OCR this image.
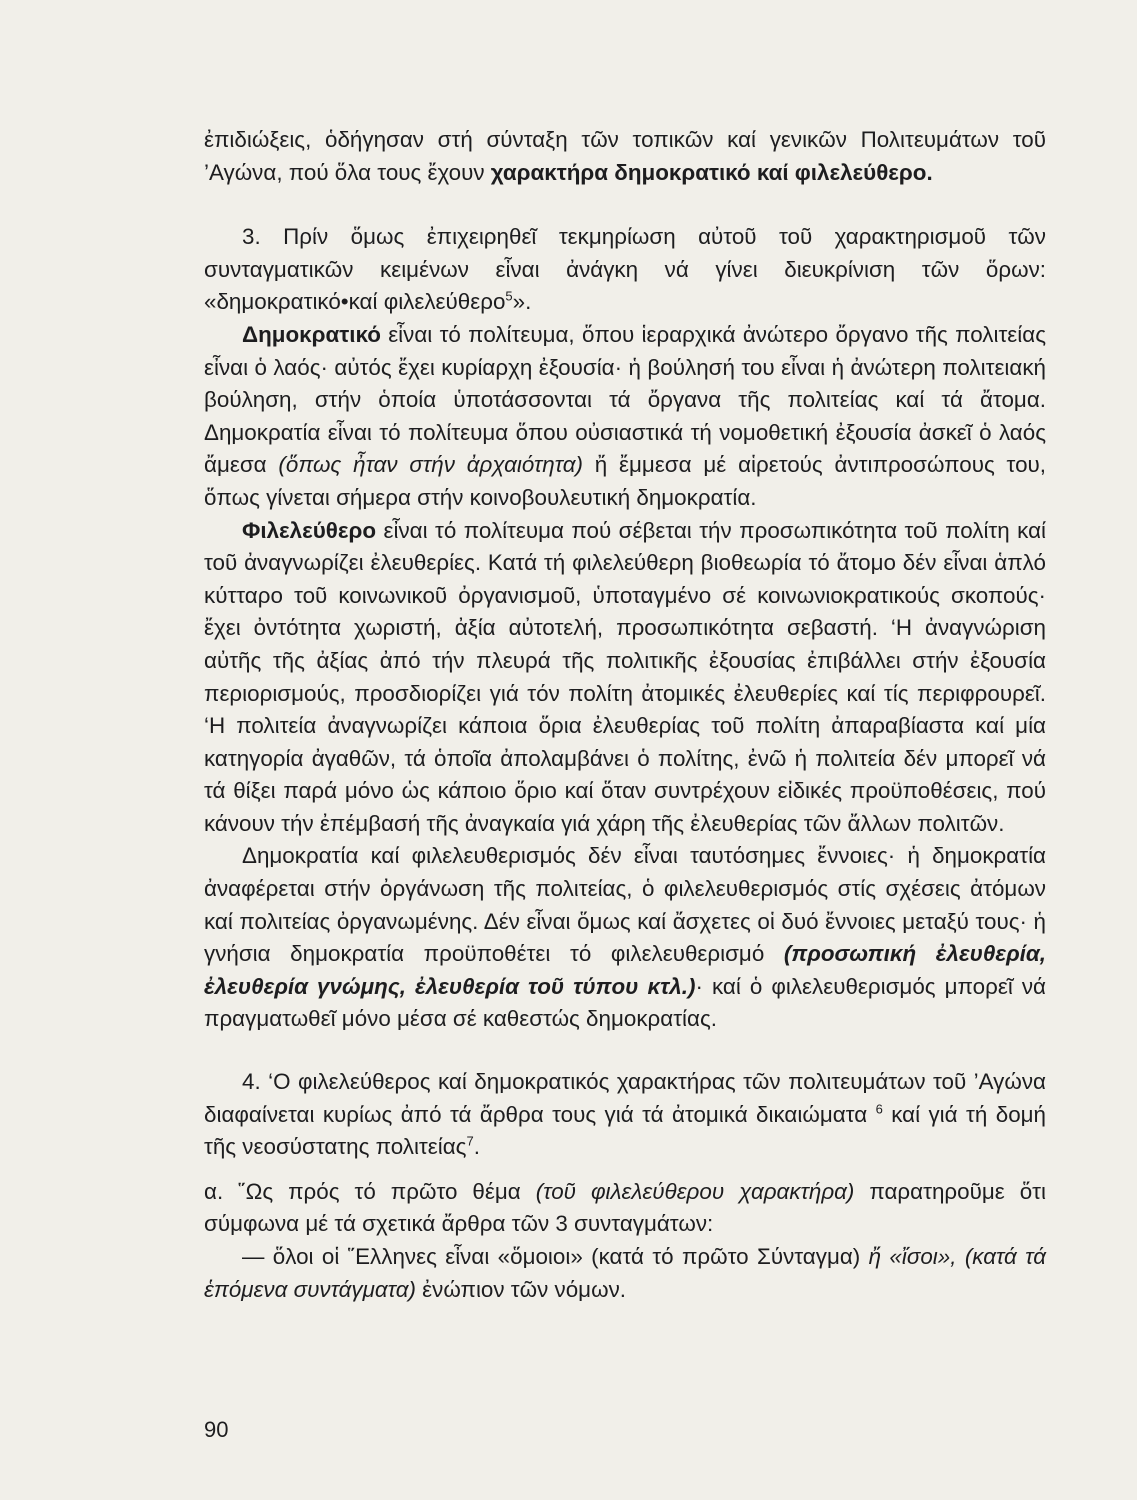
ἐπιδιώξεις, ὁδήγησαν στή σύνταξη τῶν τοπικῶν καί γενικῶν Πολιτευμάτων τοῦ ’Αγώνα, πού ὅλα τους ἔχουν χαρακτήρα δημοκρατικό καί φιλελεύθερο.

3. Πρίν ὅμως ἐπιχειρηθεῖ τεκμηρίωση αὐτοῦ τοῦ χαρακτηρισμοῦ τῶν συνταγματικῶν κειμένων εἶναι ἀνάγκη νά γίνει διευκρίνιση τῶν ὅρων: «δημοκρατικό•καί φιλελεύθερο$^5$».

Δημοκρατικό εἶναι τό πολίτευμα, ὅπου ἱεραρχικά ἀνώτερο ὄργανο τῆς πολιτείας εἶναι ὁ λαός· αὐτός ἔχει κυρίαρχη ἐξουσία· ἡ βούλησή του εἶναι ἡ ἀνώτερη πολιτειακή βούληση, στήν ὁποία ὑποτάσσονται τά ὄργανα τῆς πολιτείας καί τά ἄτομα. Δημοκρατία εἶναι τό πολίτευμα ὅπου οὐσιαστικά τή νομοθετική ἐξουσία ἀσκεῖ ὁ λαός ἄμεσα (ὅπως ἦταν στήν ἀρχαιότητα) ἤ ἔμμεσα μέ αἱρετούς ἀντιπροσώπους του, ὅπως γίνεται σήμερα στήν κοινοβουλευτική δημοκρατία.

Φιλελεύθερο εἶναι τό πολίτευμα πού σέβεται τήν προσωπικότητα τοῦ πολίτη καί τοῦ ἀναγνωρίζει ἐλευθερίες. Κατά τή φιλελεύθερη βιοθεωρία τό ἄτομο δέν εἶναι ἁπλό κύτταρο τοῦ κοινωνικοῦ ὀργανισμοῦ, ὑποταγμένο σέ κοινωνιοκρατικούς σκοπούς· ἔχει ὀντότητα χωριστή, ἀξία αὐτοτελή, προσωπικότητα σεβαστή. ‘Η ἀναγνώριση αὐτῆς τῆς ἀξίας ἀπό τήν πλευρά τῆς πολιτικῆς ἐξουσίας ἐπιβάλλει στήν ἐξουσία περιορισμούς, προσδιορίζει γιά τόν πολίτη ἀτομικές ἐλευθερίες καί τίς περιφρουρεῖ. ‘Η πολιτεία ἀναγνωρίζει κάποια ὅρια ἐλευθερίας τοῦ πολίτη ἀπαραβίαστα καί μία κατηγορία ἀγαθῶν, τά ὁποῖα ἀπολαμβάνει ὁ πολίτης, ἐνῶ ἡ πολιτεία δέν μπορεῖ νά τά θίξει παρά μόνο ὡς κάποιο ὅριο καί ὅταν συντρέχουν εἰδικές προϋποθέσεις, πού κάνουν τήν ἐπέμβασή τῆς ἀναγκαία γιά χάρη τῆς ἐλευθερίας τῶν ἄλλων πολιτῶν.

Δημοκρατία καί φιλελευθερισμός δέν εἶναι ταυτόσημες ἔννοιες· ἡ δημοκρατία ἀναφέρεται στήν ὀργάνωση τῆς πολιτείας, ὁ φιλελευθερισμός στίς σχέσεις ἀτόμων καί πολιτείας ὀργανωμένης. Δέν εἶναι ὅμως καί ἄσχετες οἱ δυό ἔννοιες μεταξύ τους· ἡ γνήσια δημοκρατία προϋποθέτει τό φιλελευθερισμό (προσωπική ἐλευθερία, ἐλευθερία γνώμης, ἐλευθερία τοῦ τύπου κτλ.)· καί ὁ φιλελευθερισμός μπορεῖ νά πραγματωθεῖ μόνο μέσα σέ καθεστώς δημοκρατίας.

4. ‘Ο φιλελεύθερος καί δημοκρατικός χαρακτήρας τῶν πολιτευμάτων τοῦ ’Αγώνα διαφαίνεται κυρίως ἀπό τά ἄρθρα τους γιά τά ἀτομικά δικαιώματα $^6$ καί γιά τή δομή τῆς νεοσύστατης πολιτείας$^7$.

α. ῞Ως πρός τό πρῶτο θέμα (τοῦ φιλελεύθερου χαρακτήρα) παρατηροῦμε ὅτι σύμφωνα μέ τά σχετικά ἄρθρα τῶν 3 συνταγμάτων:

— ὅλοι οἱ ῞Ελληνες εἶναι «ὅμοιοι» (κατά τό πρῶτο Σύνταγμα) ἤ «ἴσοι», (κατά τά ἑπόμενα συντάγματα) ἐνώπιον τῶν νόμων.

90
